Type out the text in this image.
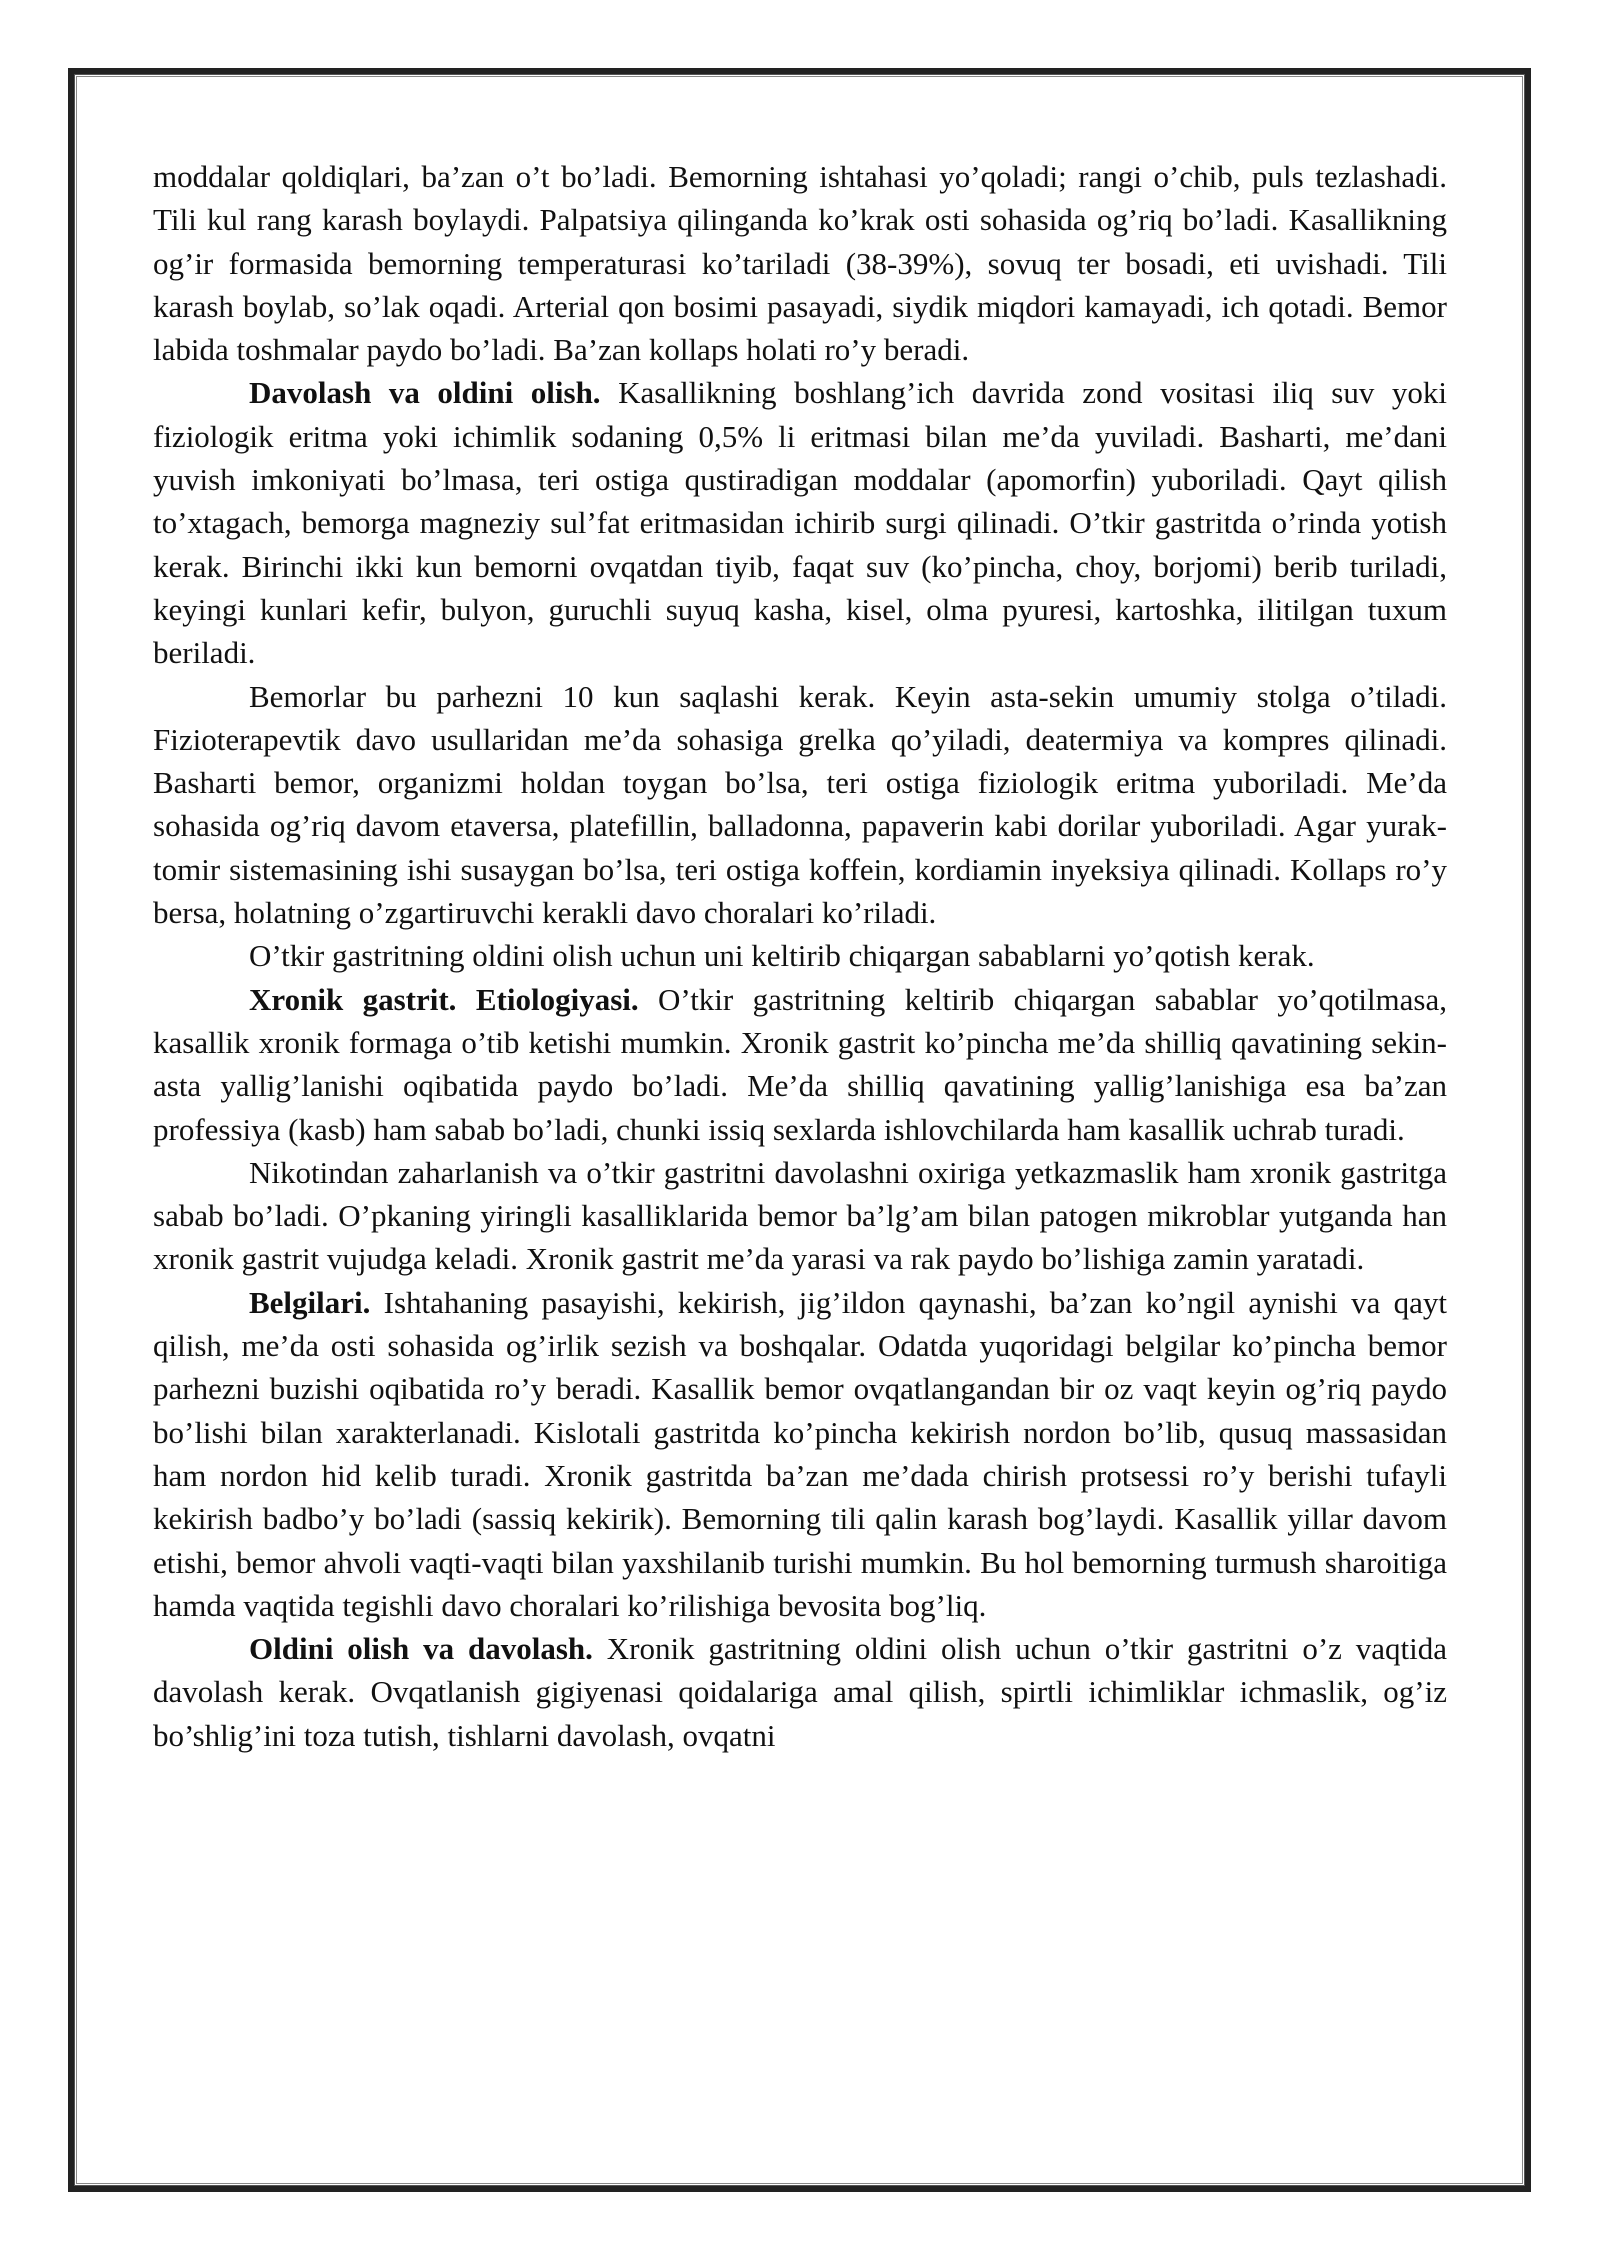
moddalar qoldiqlari, ba’zan o’t bo’ladi. Bemorning ishtahasi yo’qoladi; rangi o’chib, puls tezlashadi. Tili kul rang karash boylaydi. Palpatsiya qilinganda ko’krak osti sohasida og’riq bo’ladi. Kasallikning og’ir formasida bemorning temperaturasi ko’tariladi (38-39%), sovuq ter bosadi, eti uvishadi. Tili karash boylab, so’lak oqadi. Arterial qon bosimi pasayadi, siydik miqdori kamayadi, ich qotadi. Bemor labida toshmalar paydo bo’ladi. Ba’zan kollaps holati ro’y beradi.

Davolash va oldini olish. Kasallikning boshlang’ich davrida zond vositasi iliq suv yoki fiziologik eritma yoki ichimlik sodaning 0,5% li eritmasi bilan me’da yuviladi. Basharti, me’dani yuvish imkoniyati bo’lmasa, teri ostiga qustiradigan moddalar (apomorfin) yuboriladi. Qayt qilish to’xtagach, bemorga magneziy sul’fat eritmasidan ichirib surgi qilinadi. O’tkir gastritda o’rinda yotish kerak. Birinchi ikki kun bemorni ovqatdan tiyib, faqat suv (ko’pincha, choy, borjomi) berib turiladi, keyingi kunlari kefir, bulyon, guruchli suyuq kasha, kisel, olma pyuresi, kartoshka, ilitilgan tuxum beriladi.

Bemorlar bu parhezni 10 kun saqlashi kerak. Keyin asta-sekin umumiy stolga o’tiladi. Fizioterapevtik davo usullaridan me’da sohasiga grelka qo’yiladi, deatermiya va kompres qilinadi. Basharti bemor, organizmi holdan toygan bo’lsa, teri ostiga fiziologik eritma yuboriladi. Me’da sohasida og’riq davom etaversa, platefillin, balladonna, papaverin kabi dorilar yuboriladi. Agar yurak-tomir sistemasining ishi susaygan bo’lsa, teri ostiga koffein, kordiamin inyeksiya qilinadi. Kollaps ro’y bersa, holatning o’zgartiruvchi kerakli davo choralari ko’riladi.

O’tkir gastritning oldini olish uchun uni keltirib chiqargan sabablarni yo’qotish kerak.

Xronik gastrit. Etiologiyasi. O’tkir gastritning keltirib chiqargan sabablar yo’qotilmasa, kasallik xronik formaga o’tib ketishi mumkin. Xronik gastrit ko’pincha me’da shilliq qavatining sekin-asta yallig’lanishi oqibatida paydo bo’ladi. Me’da shilliq qavatining yallig’lanishiga esa ba’zan professiya (kasb) ham sabab bo’ladi, chunki issiq sexlarda ishlovchilarda ham kasallik uchrab turadi.

Nikotindan zaharlanish va o’tkir gastritni davolashni oxiriga yetkazmaslik ham xronik gastritga sabab bo’ladi. O’pkaning yiringli kasalliklarida bemor ba’lg’am bilan patogen mikroblar yutganda han xronik gastrit vujudga keladi. Xronik gastrit me’da yarasi va rak paydo bo’lishiga zamin yaratadi.

Belgilari. Ishtahaning pasayishi, kekirish, jig’ildon qaynashi, ba’zan ko’ngil aynishi va qayt qilish, me’da osti sohasida og’irlik sezish va boshqalar. Odatda yuqoridagi belgilar ko’pincha bemor parhezni buzishi oqibatida ro’y beradi. Kasallik bemor ovqatlangandan bir oz vaqt keyin og’riq paydo bo’lishi bilan xarakterlanadi. Kislotali gastritda ko’pincha kekirish nordon bo’lib, qusuq massasidan ham nordon hid kelib turadi. Xronik gastritda ba’zan me’dada chirish protsessi ro’y berishi tufayli kekirish badbo’y bo’ladi (sassiq kekirik). Bemorning tili qalin karash bog’laydi. Kasallik yillar davom etishi, bemor ahvoli vaqti-vaqti bilan yaxshilanib turishi mumkin. Bu hol bemorning turmush sharoitiga hamda vaqtida tegishli davo choralari ko’rilishiga bevosita bog’liq.

Oldini olish va davolash. Xronik gastritning oldini olish uchun o’tkir gastritni o’z vaqtida davolash kerak. Ovqatlanish gigiyenasi qoidalariga amal qilish, spirtli ichimliklar ichmaslik, og’iz bo’shlig’ini toza tutish, tishlarni davolash, ovqatni
